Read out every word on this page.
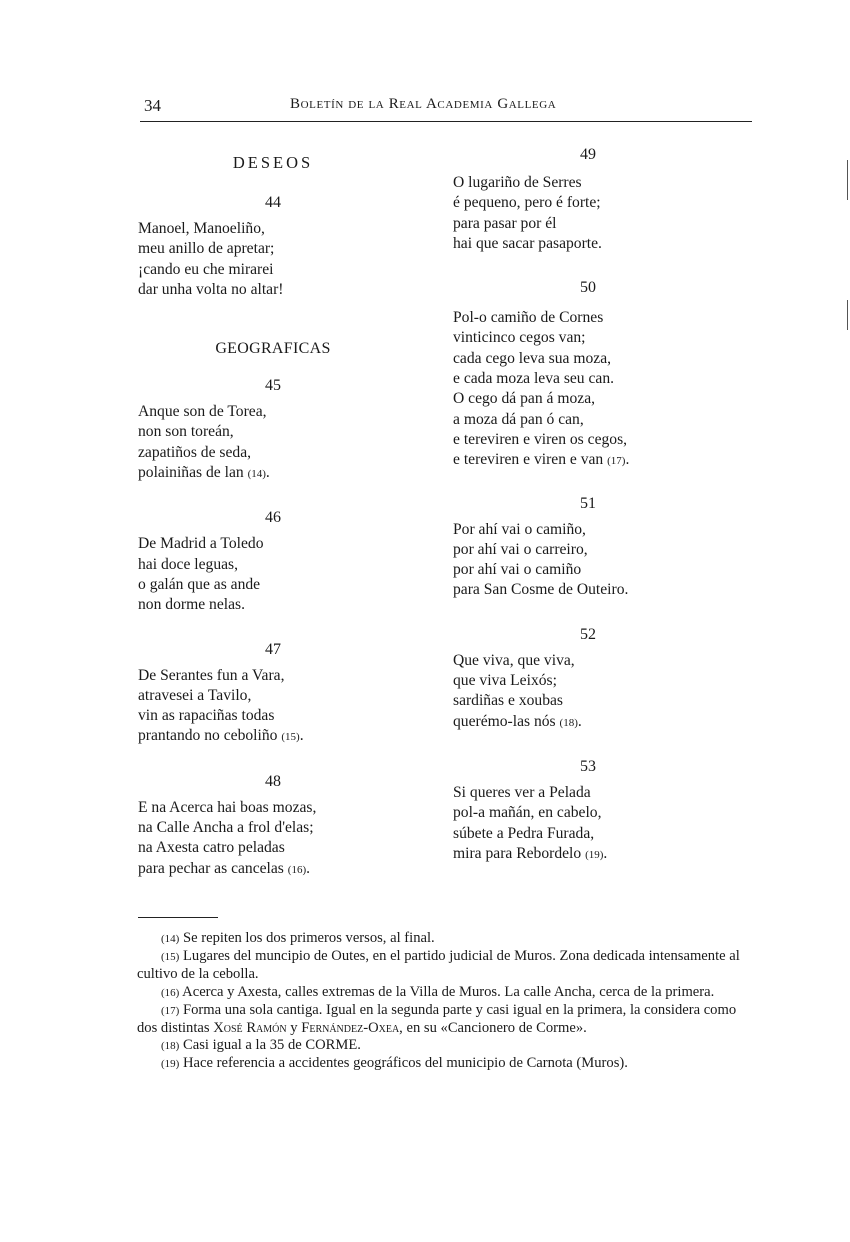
34	Boletín de la Real Academia Gallega
DESEOS
44
Manoel, Manoeliño,
meu anillo de apretar;
¡cando eu che mirarei
dar unha volta no altar!
GEOGRAFICAS
45
Anque son de Torea,
non son toreán,
zapatiños de seda,
polainiñas de lan (14).
46
De Madrid a Toledo
hai doce leguas,
o galán que as ande
non dorme nelas.
47
De Serantes fun a Vara,
atravesei a Tavilo,
vin as rapaciñas todas
prantando no ceboliño (15).
48
E na Acerca hai boas mozas,
na Calle Ancha a frol d'elas;
na Axesta catro peladas
para pechar as cancelas (16).
49
O lugariño de Serres
é pequeno, pero é forte;
para pasar por él
hai que sacar pasaporte.
50
Pol-o camiño de Cornes
vinticinco cegos van;
cada cego leva sua moza,
e cada moza leva seu can.
O cego dá pan á moza,
a moza dá pan ó can,
e tereviren e viren os cegos,
e tereviren e viren e van (17).
51
Por ahí vai o camiño,
por ahí vai o carreiro,
por ahí vai o camiño
para San Cosme de Outeiro.
52
Que viva, que viva,
que viva Leixós;
sardiñas e xoubas
querémo-las nós (18).
53
Si queres ver a Pelada
pol-a mañán, en cabelo,
súbete a Pedra Furada,
mira para Rebordelo (19).

(14) Se repiten los dos primeros versos, al final.

(15) Lugares del muncipio de Outes, en el partido judicial de Muros. Zona dedicada intensamente al cultivo de la cebolla.

(16) Acerca y Axesta, calles extremas de la Villa de Muros. La calle Ancha, cerca de la primera.

(17) Forma una sola cantiga. Igual en la segunda parte y casi igual en la primera, la considera como dos distintas Xosé Ramón y Fernández-Oxea, en su «Cancionero de Corme».

(18) Casi igual a la 35 de CORME.

(19) Hace referencia a accidentes geográficos del municipio de Carnota (Muros).
